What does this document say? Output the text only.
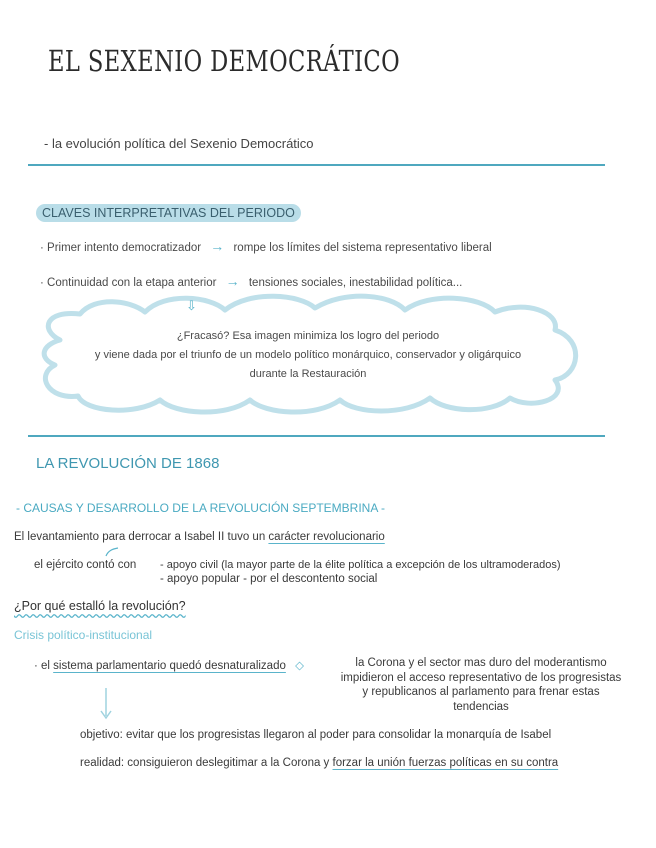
EL SEXENIO DEMOCRÁTICO
- la evolución política del Sexenio Democrático
CLAVES INTERPRETATIVAS DEL PERIODO
· Primer intento democratizador → rompe los límites del sistema representativo liberal
· Continuidad con la etapa anterior → tensiones sociales, inestabilidad política...
⇩
¿Fracasó? Esa imagen minimiza los logro del periodo
y viene dada por el triunfo de un modelo político monárquico, conservador y oligárquico
durante la Restauración
LA REVOLUCIÓN DE 1868
- CAUSAS Y DESARROLLO DE LA REVOLUCIÓN SEPTEMBRINA -
El levantamiento para derrocar a Isabel II tuvo un carácter revolucionario
el ejército contó con - apoyo civil (la mayor parte de la élite política a excepción de los ultramoderados)
- apoyo popular - por el descontento social
¿Por qué estalló la revolución?
Crisis político-institucional
· el sistema parlamentario quedó desnaturalizado ◇	la Corona y el sector mas duro del moderantismo impidieron el acceso representativo de los progresistas y republicanos al parlamento para frenar estas tendencias
objetivo: evitar que los progresistas llegaron al poder para consolidar la monarquía de Isabel
realidad: consiguieron deslegitimar a la Corona y forzar la unión fuerzas políticas en su contra
